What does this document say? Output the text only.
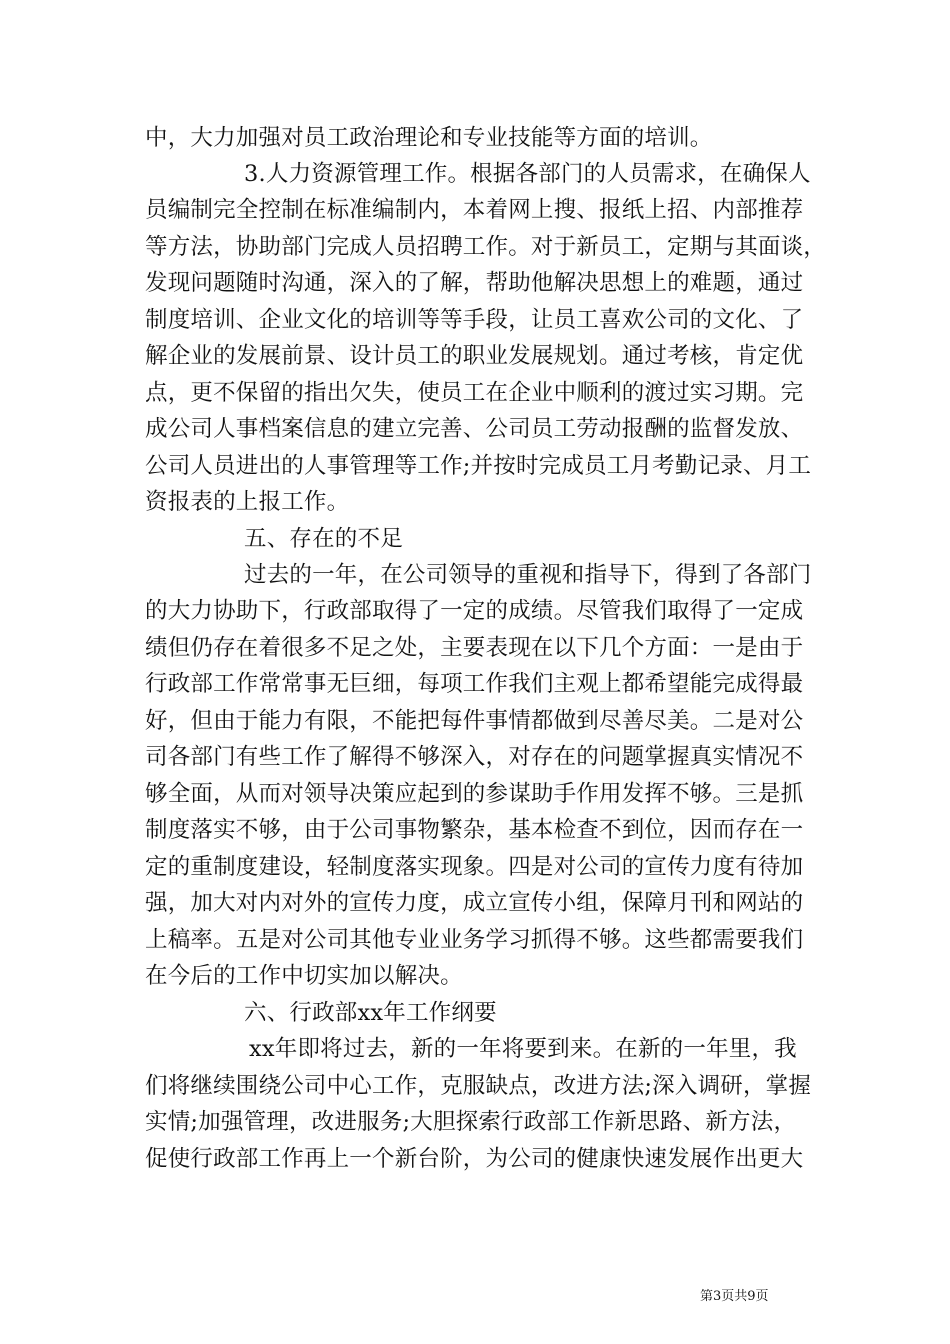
中，大力加强对员工政治理论和专业技能等方面的培训。
3.人力资源管理工作。根据各部门的人员需求，在确保人
员编制完全控制在标准编制内，本着网上搜、报纸上招、内部推荐
等方法，协助部门完成人员招聘工作。对于新员工，定期与其面谈，
发现问题随时沟通，深入的了解，帮助他解决思想上的难题，通过
制度培训、企业文化的培训等等手段，让员工喜欢公司的文化、了
解企业的发展前景、设计员工的职业发展规划。通过考核，肯定优
点，更不保留的指出欠失，使员工在企业中顺利的渡过实习期。完
成公司人事档案信息的建立完善、公司员工劳动报酬的监督发放、
公司人员进出的人事管理等工作;并按时完成员工月考勤记录、月工
资报表的上报工作。
五、存在的不足
过去的一年，在公司领导的重视和指导下，得到了各部门
的大力协助下，行政部取得了一定的成绩。尽管我们取得了一定成
绩但仍存在着很多不足之处，主要表现在以下几个方面：一是由于
行政部工作常常事无巨细，每项工作我们主观上都希望能完成得最
好，但由于能力有限，不能把每件事情都做到尽善尽美。二是对公
司各部门有些工作了解得不够深入，对存在的问题掌握真实情况不
够全面，从而对领导决策应起到的参谋助手作用发挥不够。三是抓
制度落实不够，由于公司事物繁杂，基本检查不到位，因而存在一
定的重制度建设，轻制度落实现象。四是对公司的宣传力度有待加
强，加大对内对外的宣传力度，成立宣传小组，保障月刊和网站的
上稿率。五是对公司其他专业业务学习抓得不够。这些都需要我们
在今后的工作中切实加以解决。
六、行政部xx年工作纲要
xx年即将过去，新的一年将要到来。在新的一年里，我
们将继续围绕公司中心工作，克服缺点，改进方法;深入调研，掌握
实情;加强管理，改进服务;大胆探索行政部工作新思路、新方法，
促使行政部工作再上一个新台阶，为公司的健康快速发展作出更大
第3页共9页
